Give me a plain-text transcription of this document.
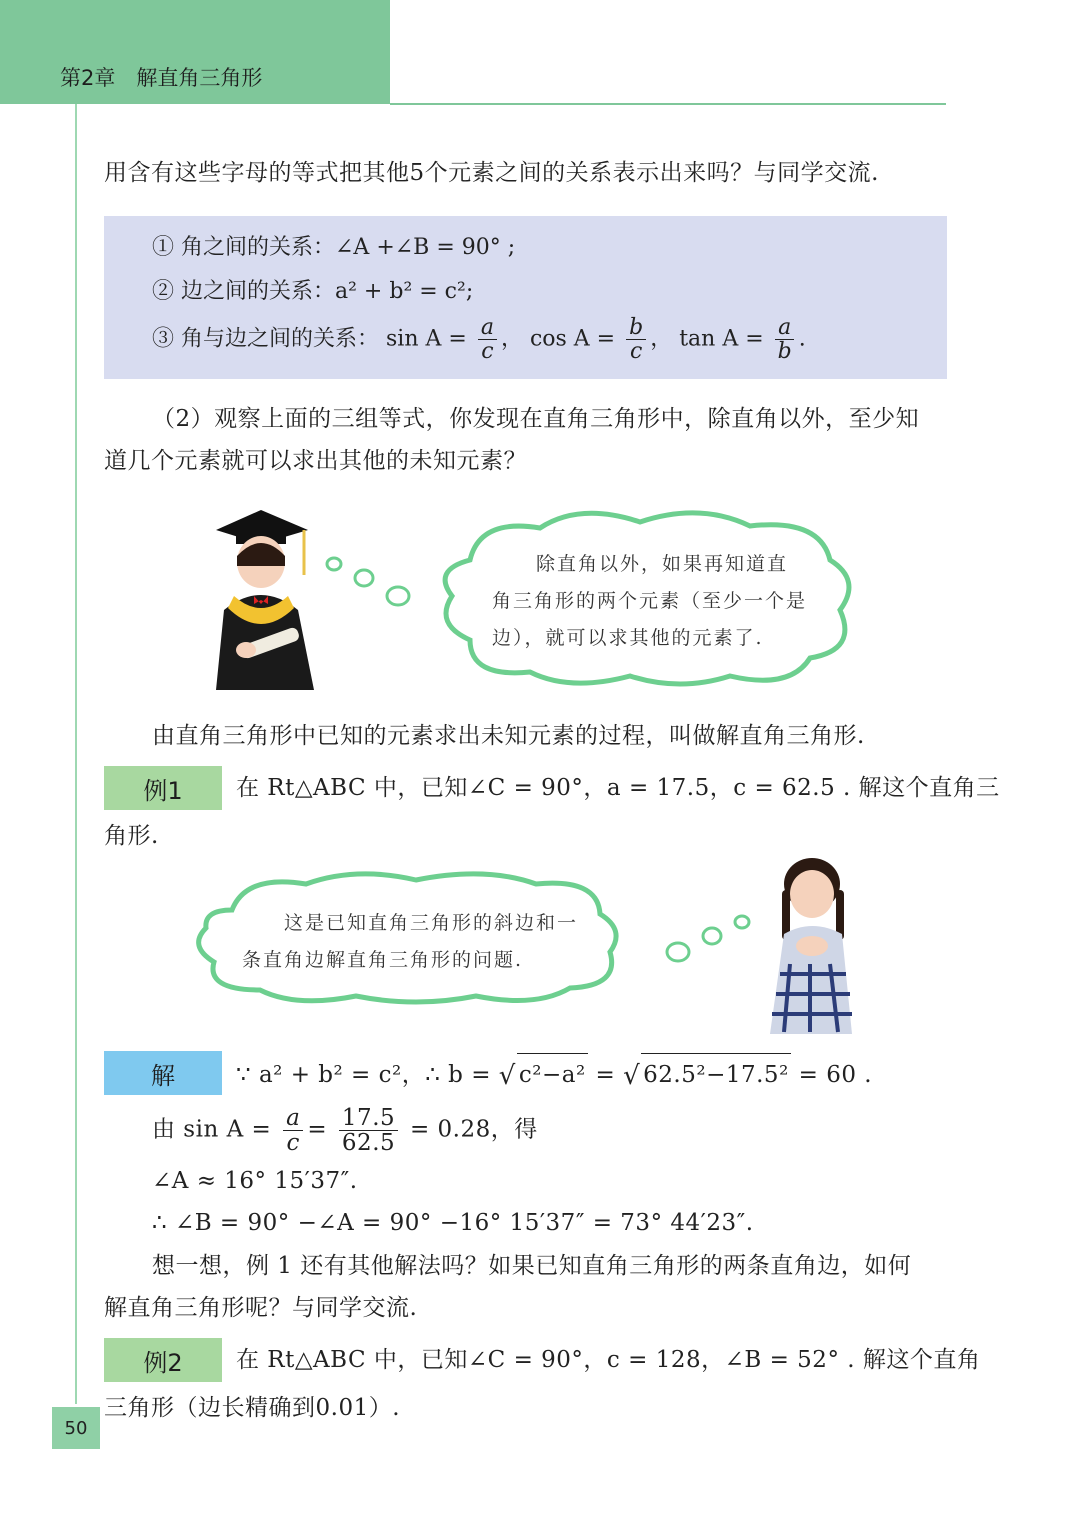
第2章　解直角三角形
用含有这些字母的等式把其他5个元素之间的关系表示出来吗？与同学交流.
① 角之间的关系：∠A +∠B = 90° ;
② 边之间的关系：a² + b² = c²;
③ 角与边之间的关系： $\sin A = \frac{a}{c}$ ， $\cos A = \frac{b}{c}$ ， $\tan A = \frac{a}{b}$ .
（2）观察上面的三组等式，你发现在直角三角形中，除直角以外，至少知
道几个元素就可以求出其他的未知元素？
除直角以外，如果再知道直
角三角形的两个元素（至少一个是
边），就可以求其他的元素了.
由直角三角形中已知的元素求出未知元素的过程，叫做解直角三角形.
例1	在 Rt△ABC 中，已知∠C = 90°，a = 17.5，c = 62.5 . 解这个直角三
角形.
这是已知直角三角形的斜边和一
条直角边解直角三角形的问题.
解	∵ a² + b² = c²，∴ b = √ c²−a² = √ 62.5²−17.5² = 60 .
由 $\sin A = \frac{a}{c} = \frac{17.5}{62.5} = 0.28$，得
∠A ≈ 16° 15′37″.
∴ ∠B = 90° −∠A = 90° −16° 15′37″ = 73° 44′23″.
想一想，例 1 还有其他解法吗？如果已知直角三角形的两条直角边，如何
解直角三角形呢？与同学交流.
例2	在 Rt△ABC 中，已知∠C = 90°，c = 128，∠B = 52° . 解这个直角
三角形（边长精确到0.01）.
50
